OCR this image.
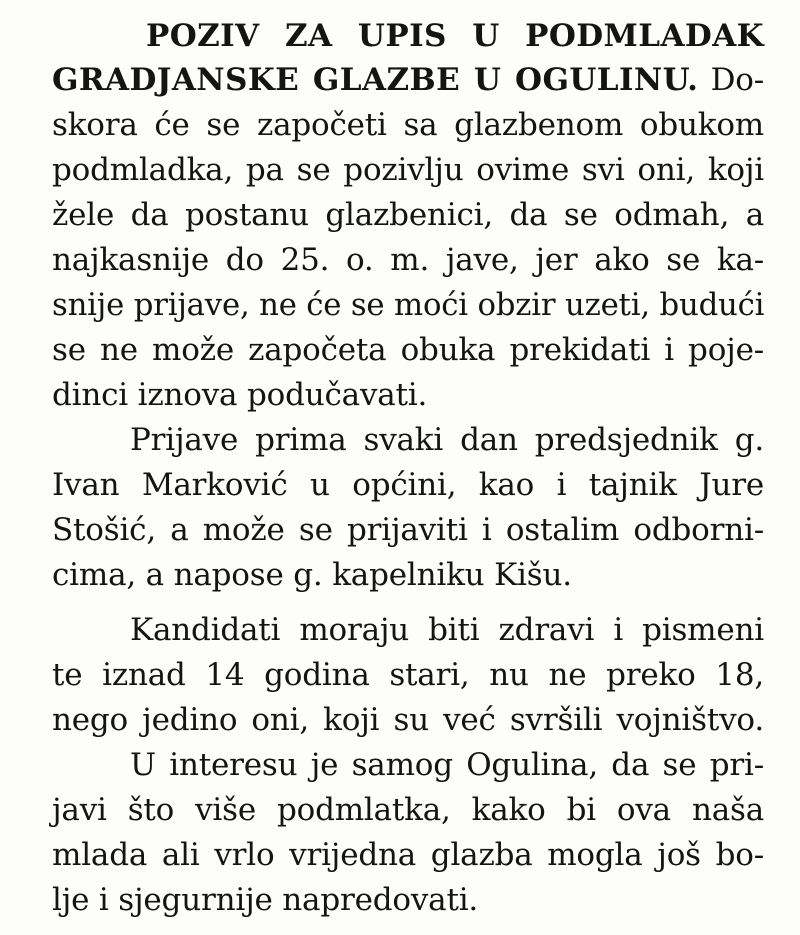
POZIV ZA UPIS U PODMLADAK
GRADJANSKE GLAZBE U OGULINU. Do-
skora će se započeti sa glazbenom obukom
podmladka, pa se pozivlju ovime svi oni, koji
žele da postanu glazbenici, da se odmah, a
najkasnije do 25. o. m. jave, jer ako se ka-
snije prijave, ne će se moći obzir uzeti, budući
se ne može započeta obuka prekidati i poje-
dinci iznova podučavati.
Prijave prima svaki dan predsjednik g.
Ivan Marković u općini, kao i tajnik Jure
Stošić, a može se prijaviti i ostalim odborni-
cima, a napose g. kapelniku Kišu.
Kandidati moraju biti zdravi i pismeni
te iznad 14 godina stari, nu ne preko 18,
nego jedino oni, koji su već svršili vojništvo.
U interesu je samog Ogulina, da se pri-
javi što više podmlatka, kako bi ova naša
mlada ali vrlo vrijedna glazba mogla još bo-
lje i sjegurnije napredovati.
